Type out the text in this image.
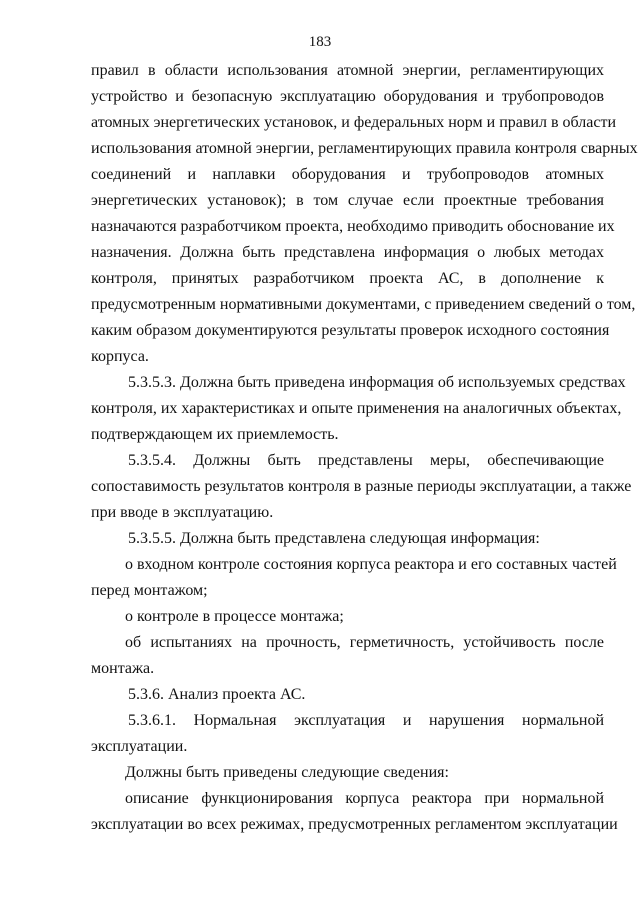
183
правил в области использования атомной энергии, регламентирующих
устройство и безопасную эксплуатацию оборудования и трубопроводов
атомных энергетических установок, и федеральных норм и правил в области
использования атомной энергии, регламентирующих правила контроля сварных
соединений и наплавки оборудования и трубопроводов атомных
энергетических установок); в том случае если проектные требования
назначаются разработчиком проекта, необходимо приводить обоснование их
назначения. Должна быть представлена информация о любых методах
контроля, принятых разработчиком проекта АС, в дополнение к
предусмотренным нормативными документами, с приведением сведений о том,
каким образом документируются результаты проверок исходного состояния
корпуса.
5.3.5.3. Должна быть приведена информация об используемых средствах
контроля, их характеристиках и опыте применения на аналогичных объектах,
подтверждающем их приемлемость.
5.3.5.4. Должны быть представлены меры, обеспечивающие
сопоставимость результатов контроля в разные периоды эксплуатации, а также
при вводе в эксплуатацию.
5.3.5.5. Должна быть представлена следующая информация:
о входном контроле состояния корпуса реактора и его составных частей
перед монтажом;
о контроле в процессе монтажа;
об испытаниях на прочность, герметичность, устойчивость после
монтажа.
5.3.6. Анализ проекта АС.
5.3.6.1. Нормальная эксплуатация и нарушения нормальной
эксплуатации.
Должны быть приведены следующие сведения:
описание функционирования корпуса реактора при нормальной
эксплуатации во всех режимах, предусмотренных регламентом эксплуатации
